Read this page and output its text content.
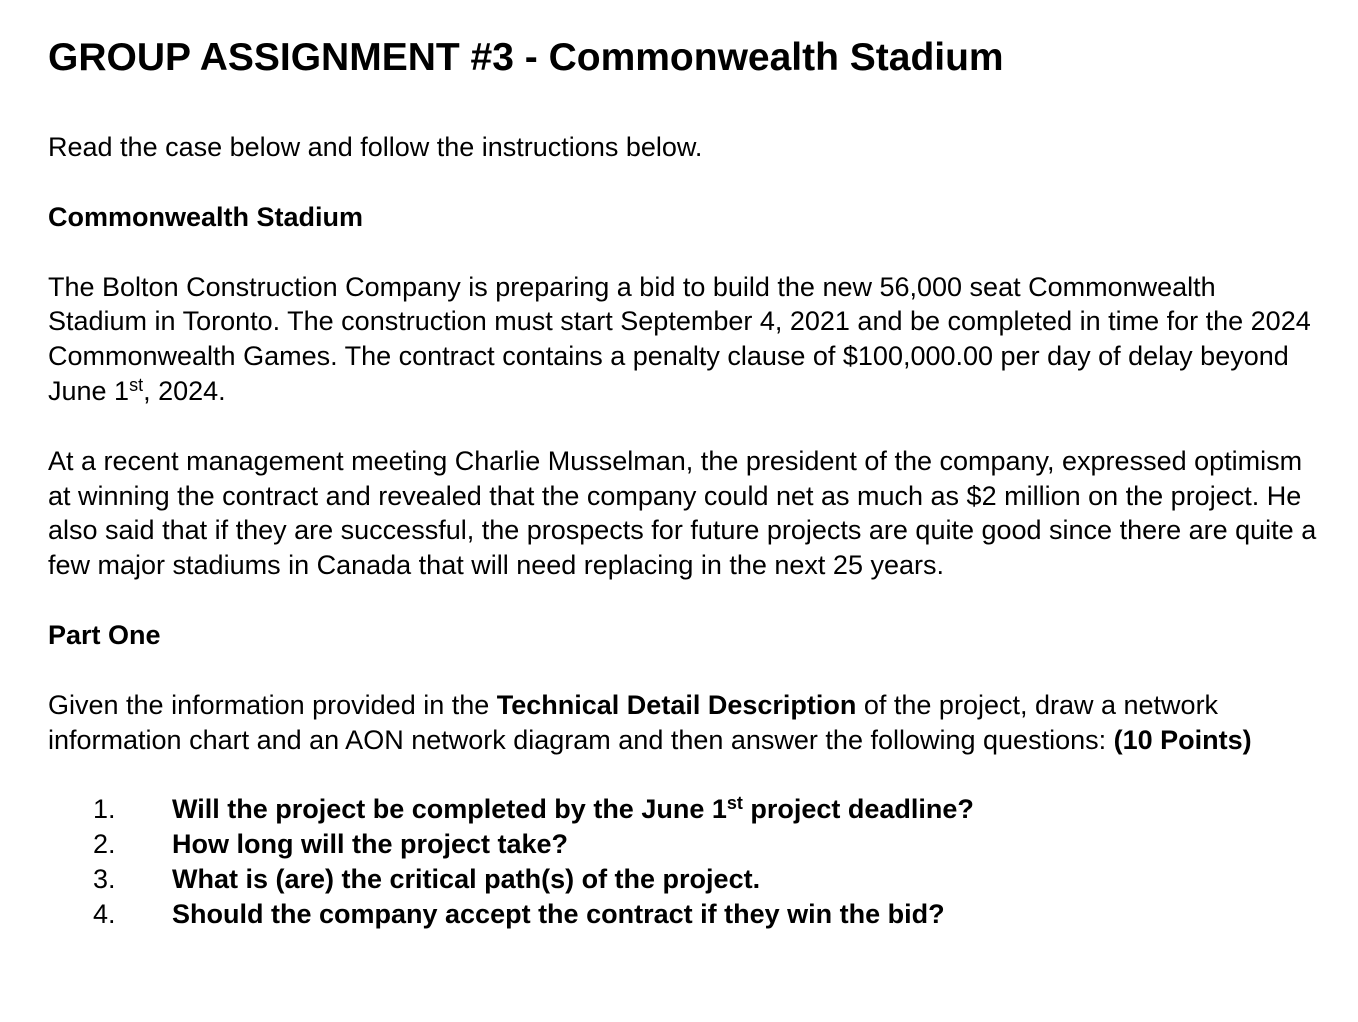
GROUP ASSIGNMENT #3 - Commonwealth Stadium

Read the case below and follow the instructions below.

Commonwealth Stadium

The Bolton Construction Company is preparing a bid to build the new 56,000 seat Commonwealth Stadium in Toronto. The construction must start September 4, 2021 and be completed in time for the 2024 Commonwealth Games. The contract contains a penalty clause of $100,000.00 per day of delay beyond June 1st, 2024.

At a recent management meeting Charlie Musselman, the president of the company, expressed optimism at winning the contract and revealed that the company could net as much as $2 million on the project. He also said that if they are successful, the prospects for future projects are quite good since there are quite a few major stadiums in Canada that will need replacing in the next 25 years.

Part One

Given the information provided in the Technical Detail Description of the project, draw a network information chart and an AON network diagram and then answer the following questions: (10 Points)

1. Will the project be completed by the June 1st project deadline?
2. How long will the project take?
3. What is (are) the critical path(s) of the project.
4. Should the company accept the contract if they win the bid?
